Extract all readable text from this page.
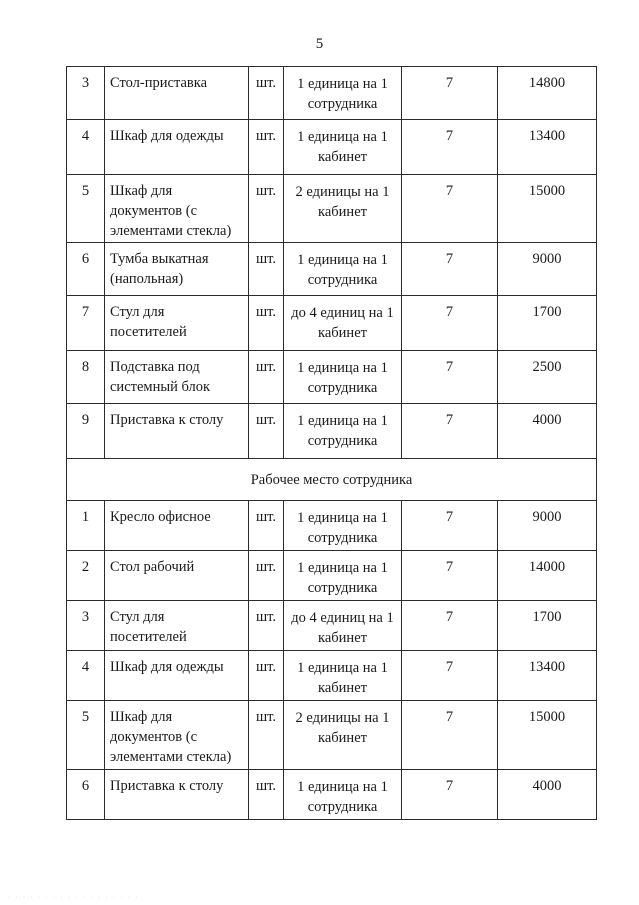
5
3	Стол-приставка	шт.	1 единица на 1 сотрудника	7	14800
4	Шкаф для одежды	шт.	1 единица на 1 кабинет	7	13400
5	Шкаф для документов (с элементами стекла)	шт.	2 единицы на 1 кабинет	7	15000
6	Тумба выкатная (напольная)	шт.	1 единица на 1 сотрудника	7	9000
7	Стул для посетителей	шт.	до 4 единиц на 1 кабинет	7	1700
8	Подставка под системный блок	шт.	1 единица на 1 сотрудника	7	2500
9	Приставка к столу	шт.	1 единица на 1 сотрудника	7	4000
Рабочее место сотрудника					
1	Кресло офисное	шт.	1 единица на 1 сотрудника	7	9000
2	Стол рабочий	шт.	1 единица на 1 сотрудника	7	14000
3	Стул для посетителей	шт.	до 4 единиц на 1 кабинет	7	1700
4	Шкаф для одежды	шт.	1 единица на 1 кабинет	7	13400
5	Шкаф для документов (с элементами стекла)	шт.	2 единицы на 1 кабинет	7	15000
6	Приставка к столу	шт.	1 единица на 1 сотрудника	7	4000
· · · · · · · · · · · · · · · · · ·
